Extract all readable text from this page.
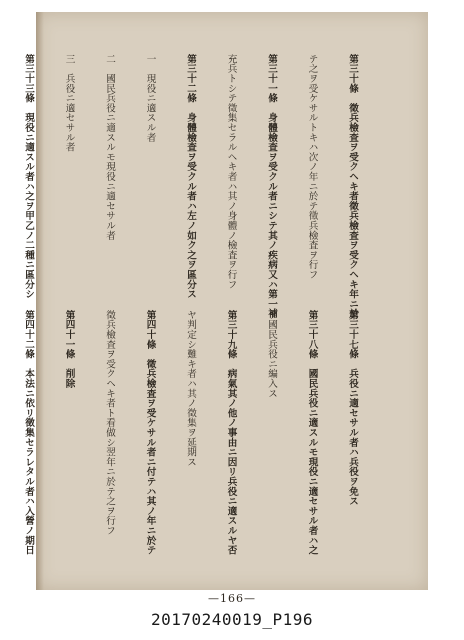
第三十條　徵兵檢査ヲ受クヘキ者徵兵檢査ヲ受クヘキ年ニ於

テ之ヲ受ケサルトキハ次ノ年ニ於テ徵兵檢査ヲ行フ

第三十一條　身體檢査ヲ受クル者ニシテ其ノ疾病又ハ第一補

充兵トシテ徵集セラルヘキ者ハ其ノ身體ノ檢査ヲ行フ

第三十二條　身體檢査ヲ受クル者ハ左ノ如ク之ヲ區分ス

一　現役ニ適スル者

二　國民兵役ニ適スルモ現役ニ適セサル者

三　兵役ニ適セサル者

第三十三條　現役ニ適スル者ハ之ヲ甲乙ノ二種ニ區分シ

第三十七條　兵役ニ適セサル者ハ兵役ヲ免ス

第三十八條　國民兵役ニ適スルモ現役ニ適セサル者ハ之

ヲ國民兵役ニ編入ス

第三十九條　病氣其ノ他ノ事由ニ因リ兵役ニ適スルヤ否

ヤ判定シ難キ者ハ其ノ徵集ヲ延期ス

第四十條　徵兵檢査ヲ受ケサル者ニ付テハ其ノ年ニ於テ

徵兵檢査ヲ受クヘキ者ト看做シ翌年ニ於テ之ヲ行フ

第四十一條　削除

第四十二條　本法ニ依リ徵集セラレタル者ハ入營ノ期日

—166—
20170240019_P196
